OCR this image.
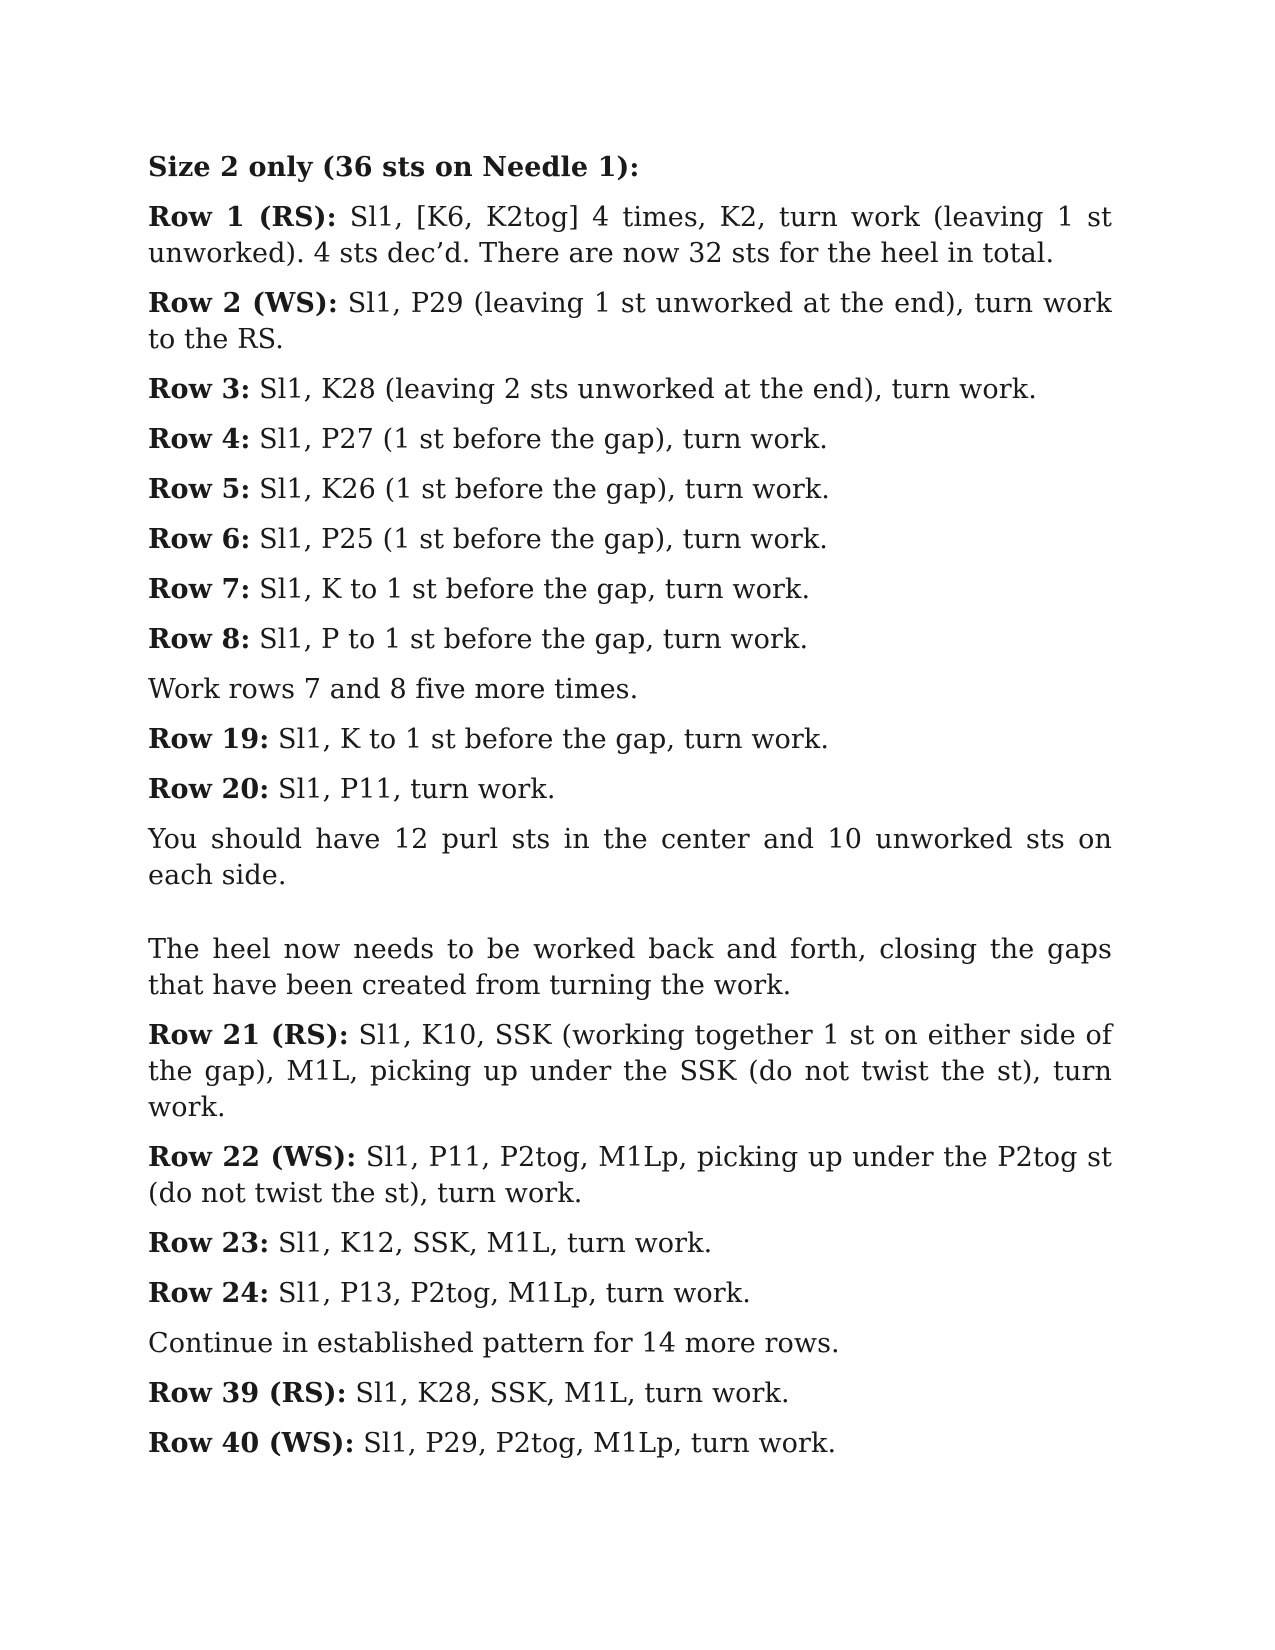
Size 2 only (36 sts on Needle 1):

Row 1 (RS): Sl1, [K6, K2tog] 4 times, K2, turn work (leaving 1 st unworked). 4 sts dec’d. There are now 32 sts for the heel in total.

Row 2 (WS): Sl1, P29 (leaving 1 st unworked at the end), turn work to the RS.

Row 3: Sl1, K28 (leaving 2 sts unworked at the end), turn work.

Row 4: Sl1, P27 (1 st before the gap), turn work.

Row 5: Sl1, K26 (1 st before the gap), turn work.

Row 6: Sl1, P25 (1 st before the gap), turn work.

Row 7: Sl1, K to 1 st before the gap, turn work.

Row 8: Sl1, P to 1 st before the gap, turn work.

Work rows 7 and 8 five more times.

Row 19: Sl1, K to 1 st before the gap, turn work.

Row 20: Sl1, P11, turn work.

You should have 12 purl sts in the center and 10 unworked sts on each side.

The heel now needs to be worked back and forth, closing the gaps that have been created from turning the work.

Row 21 (RS): Sl1, K10, SSK (working together 1 st on either side of the gap), M1L, picking up under the SSK (do not twist the st), turn work.

Row 22 (WS): Sl1, P11, P2tog, M1Lp, picking up under the P2tog st (do not twist the st), turn work.

Row 23: Sl1, K12, SSK, M1L, turn work.

Row 24: Sl1, P13, P2tog, M1Lp, turn work.

Continue in established pattern for 14 more rows.

Row 39 (RS): Sl1, K28, SSK, M1L, turn work.

Row 40 (WS): Sl1, P29, P2tog, M1Lp, turn work.
